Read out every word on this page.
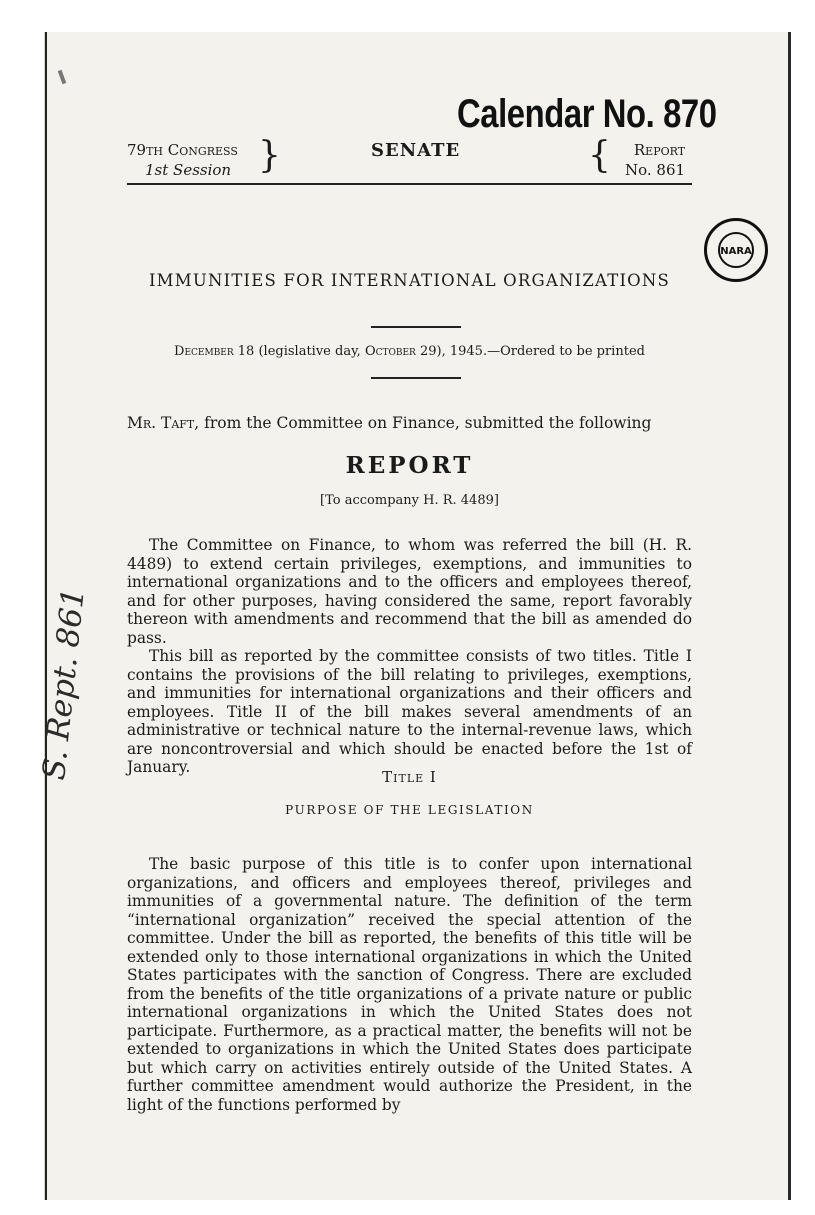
Calendar No. 870
79th Congress
1st Session }	SENATE	{	Report
No. 861
NARA
IMMUNITIES FOR INTERNATIONAL ORGANIZATIONS
December 18 (legislative day, October 29), 1945.—Ordered to be printed
Mr. Taft, from the Committee on Finance, submitted the following
REPORT
[To accompany H. R. 4489]
The Committee on Finance, to whom was referred the bill (H. R. 4489) to extend certain privileges, exemptions, and immunities to international organizations and to the officers and employees thereof, and for other purposes, having considered the same, report favorably thereon with amendments and recommend that the bill as amended do pass.
This bill as reported by the committee consists of two titles. Title I contains the provisions of the bill relating to privileges, exemptions, and immunities for international organizations and their officers and employees. Title II of the bill makes several amendments of an administrative or technical nature to the internal-revenue laws, which are noncontroversial and which should be enacted before the 1st of January.
Title I
PURPOSE OF THE LEGISLATION
The basic purpose of this title is to confer upon international organizations, and officers and employees thereof, privileges and immunities of a governmental nature. The definition of the term “international organization” received the special attention of the committee. Under the bill as reported, the benefits of this title will be extended only to those international organizations in which the United States participates with the sanction of Congress. There are excluded from the benefits of the title organizations of a private nature or public international organizations in which the United States does not participate. Furthermore, as a practical matter, the benefits will not be extended to organizations in which the United States does participate but which carry on activities entirely outside of the United States. A further committee amendment would authorize the President, in the light of the functions performed by
S. Rept. 861
